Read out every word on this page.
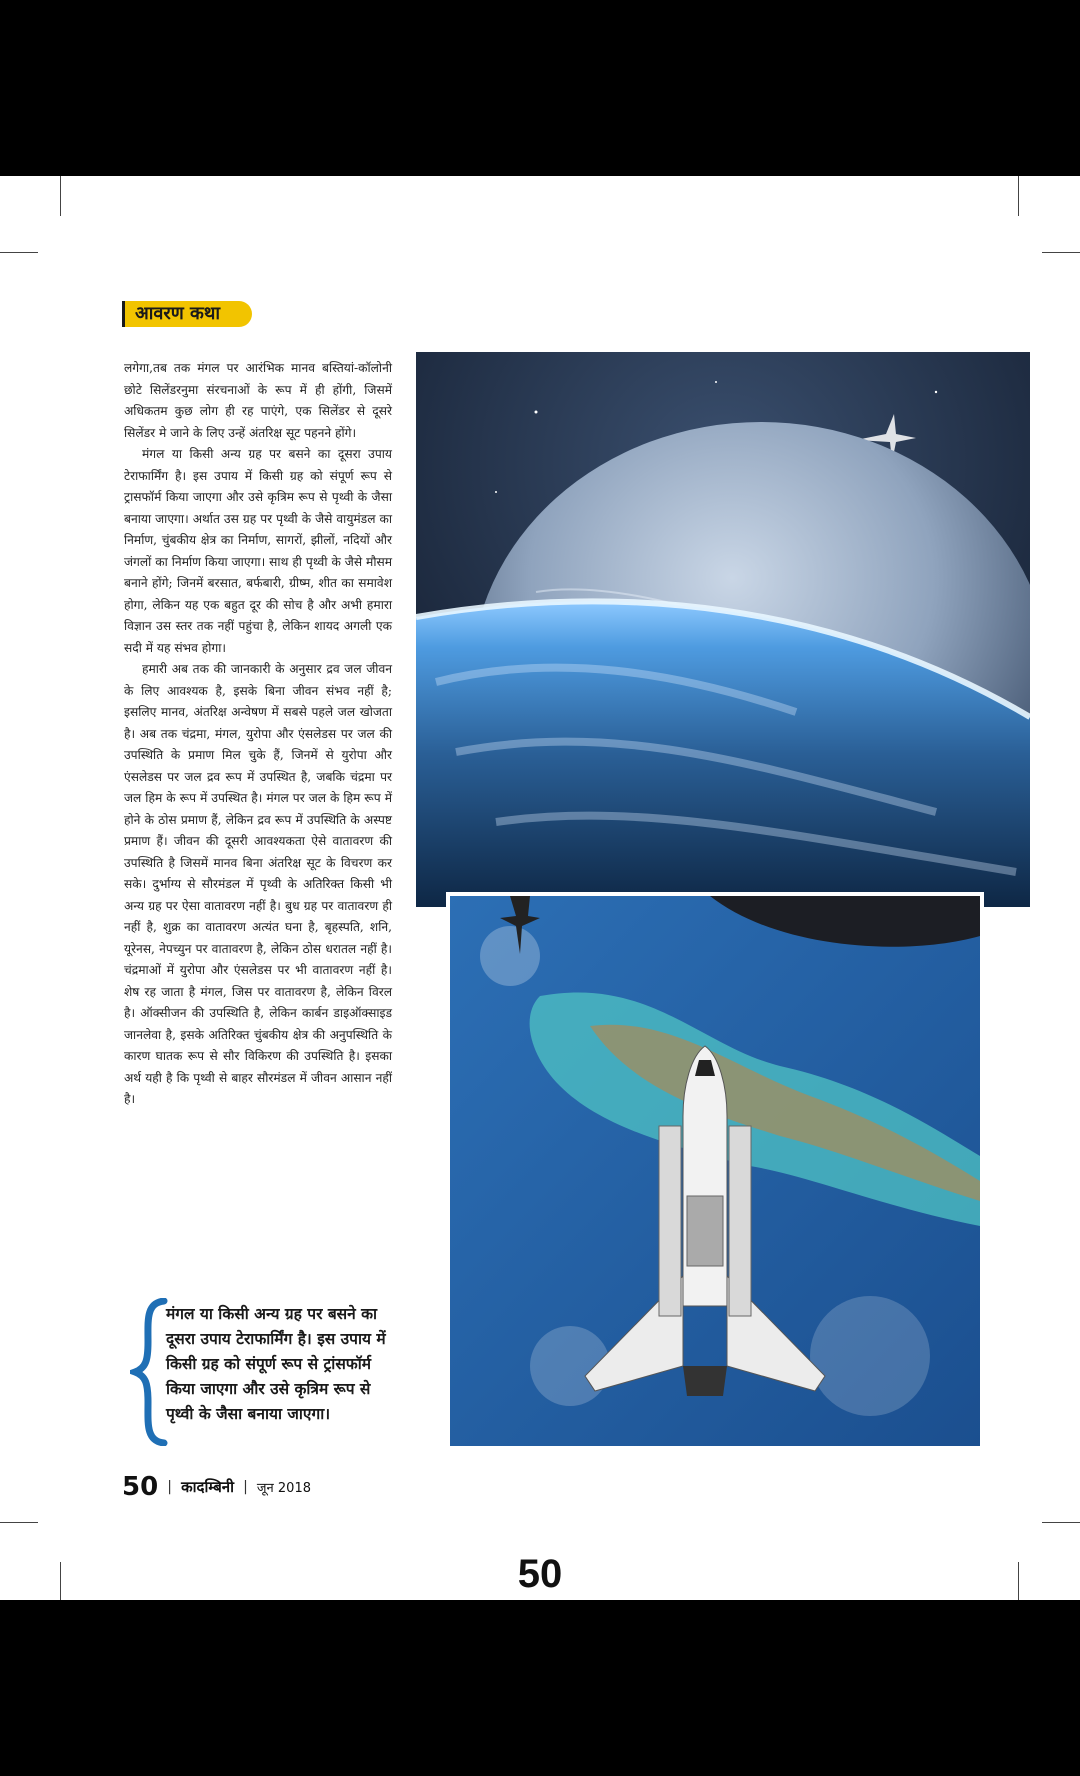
आवरण कथा

लगेगा,तब तक मंगल पर आरंभिक मानव बस्तियां-कॉलोनी छोटे सिलेंडरनुमा संरचनाओं के रूप में ही होंगी, जिसमें अधिकतम कुछ लोग ही रह पाएंगे, एक सिलेंडर से दूसरे सिलेंडर मे जाने के लिए उन्हें अंतरिक्ष सूट पहनने होंगे।

मंगल या किसी अन्य ग्रह पर बसने का दूसरा उपाय टेराफार्मिंग है। इस उपाय में किसी ग्रह को संपूर्ण रूप से ट्रासफॉर्म किया जाएगा और उसे कृत्रिम रूप से पृथ्वी के जैसा बनाया जाएगा। अर्थात उस ग्रह पर पृथ्वी के जैसे वायुमंडल का निर्माण, चुंबकीय क्षेत्र का निर्माण, सागरों, झीलों, नदियों और जंगलों का निर्माण किया जाएगा। साथ ही पृथ्वी के जैसे मौसम बनाने होंगे; जिनमें बरसात, बर्फबारी, ग्रीष्म, शीत का समावेश होगा, लेकिन यह एक बहुत दूर की सोच है और अभी हमारा विज्ञान उस स्तर तक नहीं पहुंचा है, लेकिन शायद अगली एक सदी में यह संभव होगा।

हमारी अब तक की जानकारी के अनुसार द्रव जल जीवन के लिए आवश्यक है, इसके बिना जीवन संभव नहीं है; इसलिए मानव, अंतरिक्ष अन्वेषण में सबसे पहले जल खोजता है। अब तक चंद्रमा, मंगल, युरोपा और एंसलेडस पर जल की उपस्थिति के प्रमाण मिल चुके हैं, जिनमें से युरोपा और एंसलेडस पर जल द्रव रूप में उपस्थित है, जबकि चंद्रमा पर जल हिम के रूप में उपस्थित है। मंगल पर जल के हिम रूप में होने के ठोस प्रमाण हैं, लेकिन द्रव रूप में उपस्थिति के अस्पष्ट प्रमाण हैं। जीवन की दूसरी आवश्यकता ऐसे वातावरण की उपस्थिति है जिसमें मानव बिना अंतरिक्ष सूट के विचरण कर सके। दुर्भाग्य से सौरमंडल में पृथ्वी के अतिरिक्त किसी भी अन्य ग्रह पर ऐसा वातावरण नहीं है। बुध ग्रह पर वातावरण ही नहीं है, शुक्र का वातावरण अत्यंत घना है, बृहस्पति, शनि, यूरेनस, नेपच्युन पर वातावरण है, लेकिन ठोस धरातल नहीं है। चंद्रमाओं में युरोपा और एंसलेडस पर भी वातावरण नहीं है। शेष रह जाता है मंगल, जिस पर वातावरण है, लेकिन विरल है। ऑक्सीजन की उपस्थिति है, लेकिन कार्बन डाइऑक्साइड जानलेवा है, इसके अतिरिक्त चुंबकीय क्षेत्र की अनुपस्थिति के कारण घातक रूप से सौर विकिरण की उपस्थिति है। इसका अर्थ यही है कि पृथ्वी से बाहर सौरमंडल में जीवन आसान नहीं है।

मंगल या किसी अन्य ग्रह पर बसने का दूसरा उपाय टेराफार्मिंग है। इस उपाय में किसी ग्रह को संपूर्ण रूप से ट्रांसफॉर्म किया जाएगा और उसे कृत्रिम रूप से पृथ्वी के जैसा बनाया जाएगा।
50 | कादम्बिनी | जून 2018
50
